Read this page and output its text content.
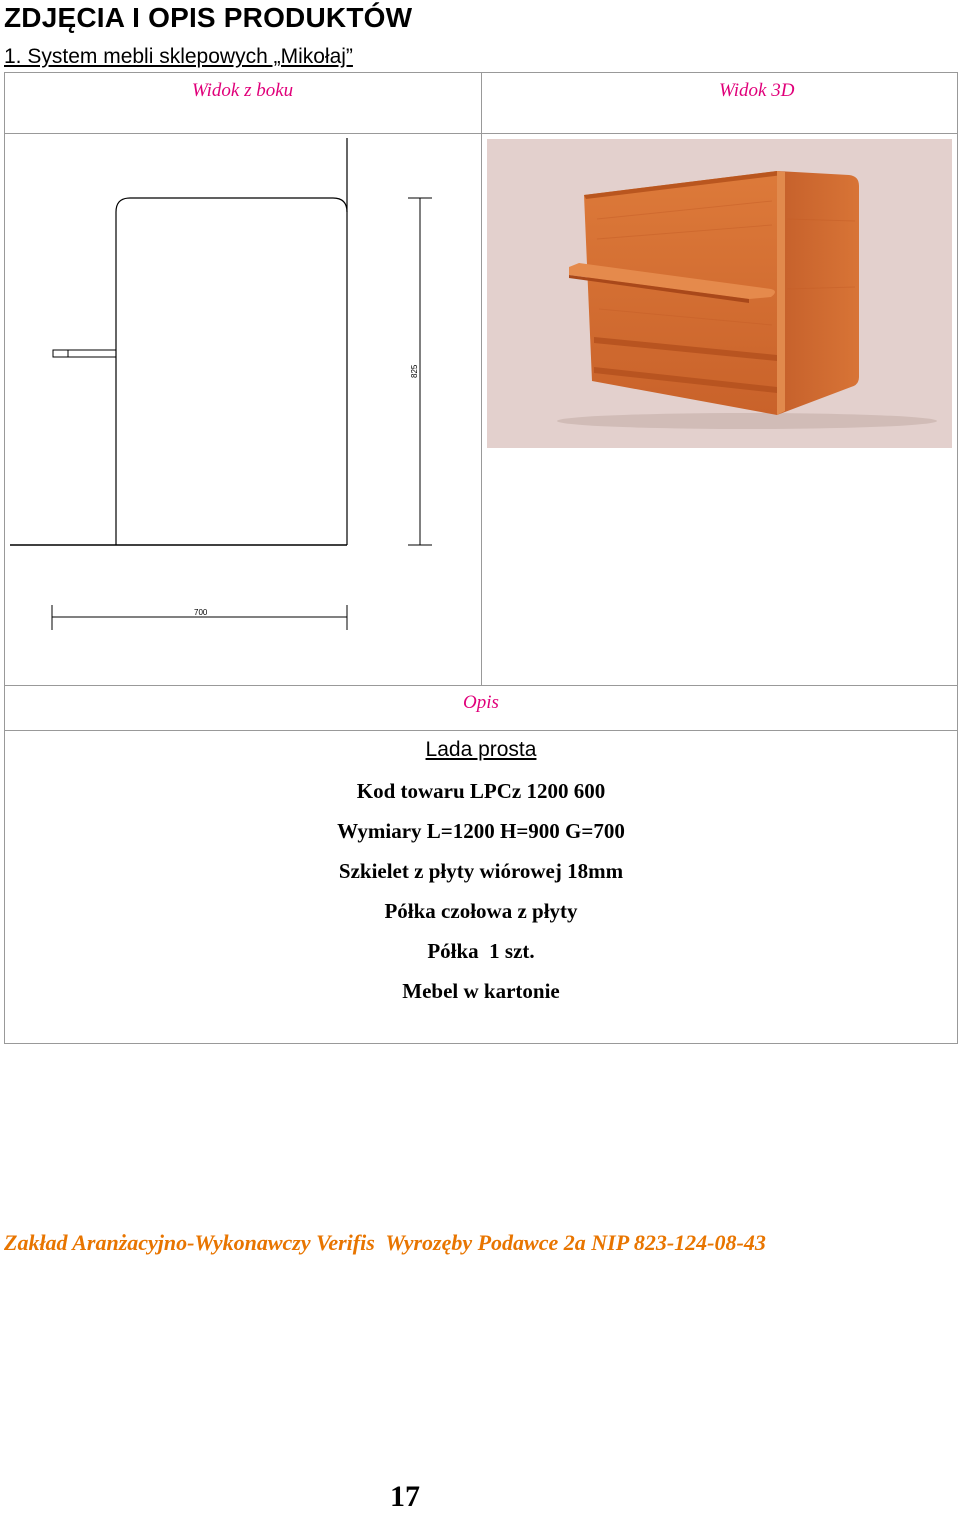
ZDJĘCIA I OPIS PRODUKTÓW
1. System mebli sklepowych „Mikołaj”
Widok z boku	Widok 3D
825
700
Opis
Lada prosta
Kod towaru LPCz 1200 600
Wymiary L=1200 H=900 G=700
Szkielet z płyty wiórowej 18mm
Półka czołowa z płyty
Półka  1 szt.
Mebel w kartonie
Zakład Aranżacyjno-Wykonawczy Verifis  Wyrozęby Podawce 2a NIP 823-124-08-43
17
